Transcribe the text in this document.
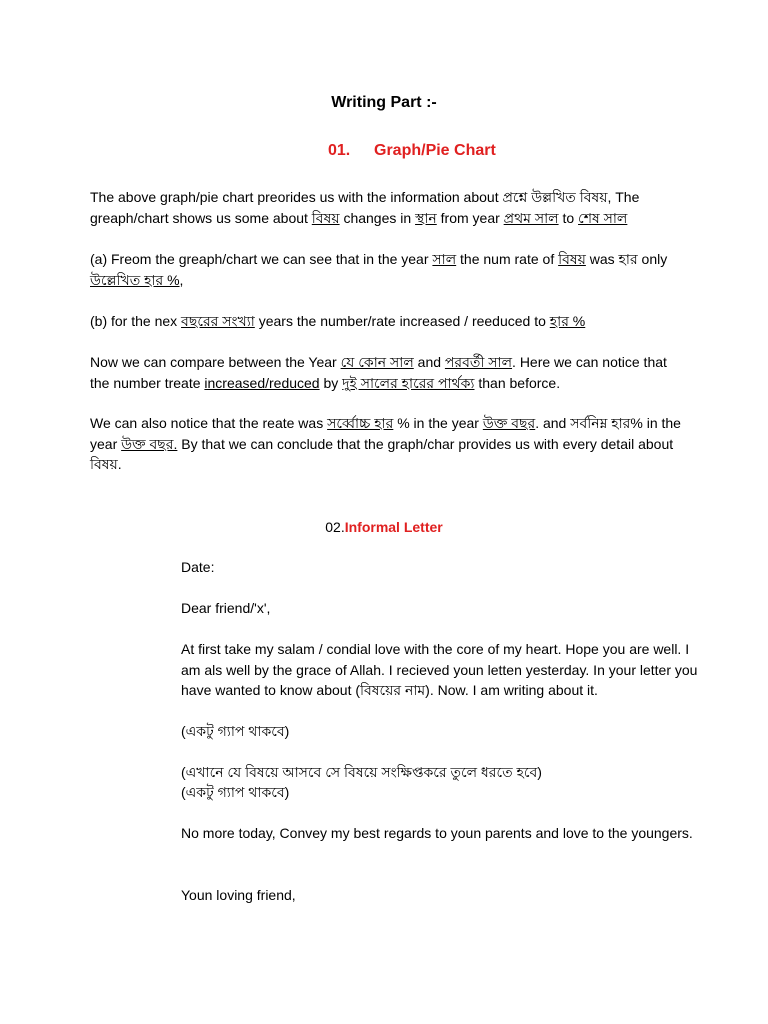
Writing Part :-
01. Graph/Pie Chart

The above graph/pie chart preorides us with the information about প্রশ্নে উল্লখিত বিষয়, The greaph/chart shows us some about বিষয় changes in স্থান from year প্রথম সাল to শেষ সাল

(a) Freom the greaph/chart we can see that in the year সাল the num rate of বিষয় was হার only উল্লেখিত হার %,

(b) for the nex বছরের সংখ্যা years the number/rate increased / reeduced to হার %

Now we can compare between the Year যে কোন সাল and পরবর্তী সাল. Here we can notice that the number treate increased/reduced by দুই সালের হারের পার্থক্য than beforce.

We can also notice that the reate was সর্ব্বোচ্চ হার % in the year উক্ত বছর. and সর্বনিম্ন হার% in the year উক্ত বছর. By that we can conclude that the graph/char provides us with every detail about বিষয়.

02.Informal Letter

Date:

Dear friend/'x',

At first take my salam / condial love with the core of my heart. Hope you are well. I am als well by the grace of Allah. I recieved youn letten yesterday. In your letter you have wanted to know about (বিষয়ের নাম). Now. I am writing about it.

(একটু গ্যাপ থাকবে)

(এখানে যে বিষয়ে আসবে সে বিষয়ে সংক্ষিপ্তকরে তুলে ধরতে হবে)

(একটু গ্যাপ থাকবে)

No more today, Convey my best regards to youn parents and love to the youngers.

Youn loving friend,
